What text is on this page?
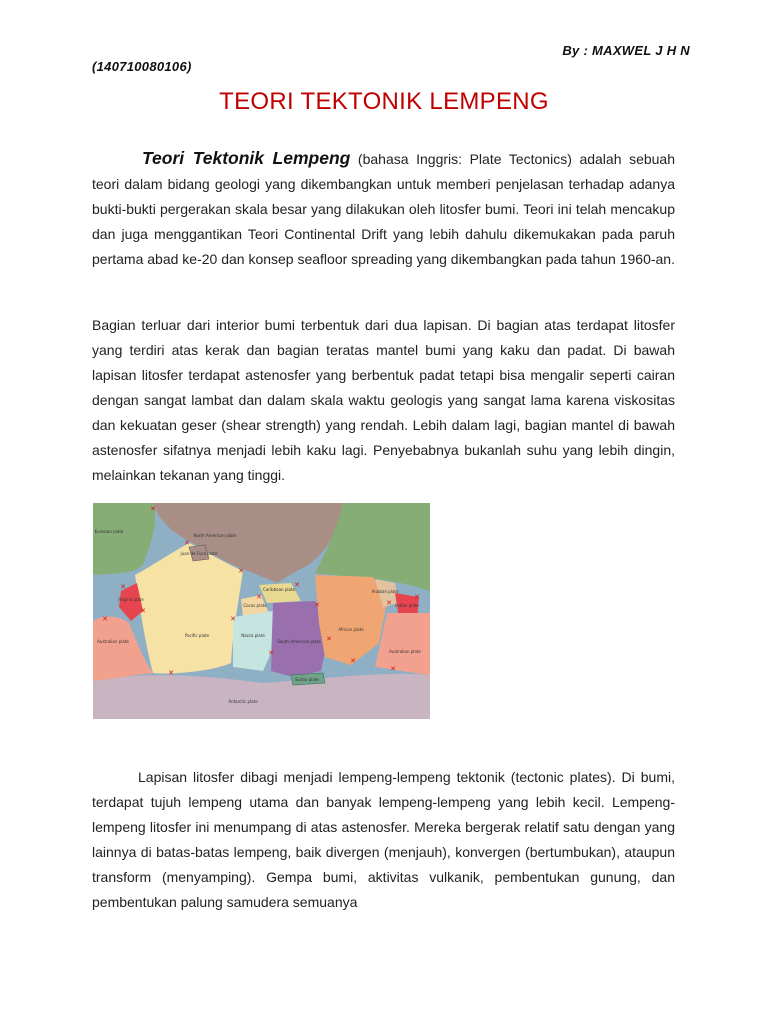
By : MAXWEL J H N
(140710080106)
TEORI TEKTONIK LEMPENG
Teori Tektonik Lempeng (bahasa Inggris: Plate Tectonics) adalah sebuah teori dalam bidang geologi yang dikembangkan untuk memberi penjelasan terhadap adanya bukti-bukti pergerakan skala besar yang dilakukan oleh litosfer bumi. Teori ini telah mencakup dan juga menggantikan Teori Continental Drift yang lebih dahulu dikemukakan pada paruh pertama abad ke-20 dan konsep seafloor spreading yang dikembangkan pada tahun 1960-an.
Bagian terluar dari interior bumi terbentuk dari dua lapisan. Di bagian atas terdapat litosfer yang terdiri atas kerak dan bagian teratas mantel bumi yang kaku dan padat. Di bawah lapisan litosfer terdapat astenosfer yang berbentuk padat tetapi bisa mengalir seperti cairan dengan sangat lambat dan dalam skala waktu geologis yang sangat lama karena viskositas dan kekuatan geser (shear strength) yang rendah. Lebih dalam lagi, bagian mantel di bawah astenosfer sifatnya menjadi lebih kaku lagi. Penyebabnya bukanlah suhu yang lebih dingin, melainkan tekanan yang tinggi.
Eurasian plate
North American plate
Juan de Fuca plate
Filipino plate
Caribbean plate
Cocos plate
Arabian plate
Indian plate
Pacific plate
Australian plate
Nazca plate
South American plate
African plate
Australian plate
Scotia plate
Antarctic plate
✕
✕
✕
✕
✕
✕
✕
✕
✕
✕
✕
✕
✕
✕
✕
✕
✕
Lapisan litosfer dibagi menjadi lempeng-lempeng tektonik (tectonic plates). Di bumi, terdapat tujuh lempeng utama dan banyak lempeng-lempeng yang lebih kecil. Lempeng-lempeng litosfer ini menumpang di atas astenosfer. Mereka bergerak relatif satu dengan yang lainnya di batas-batas lempeng, baik divergen (menjauh), konvergen (bertumbukan), ataupun transform (menyamping). Gempa bumi, aktivitas vulkanik, pembentukan gunung, dan pembentukan palung samudera semuanya
